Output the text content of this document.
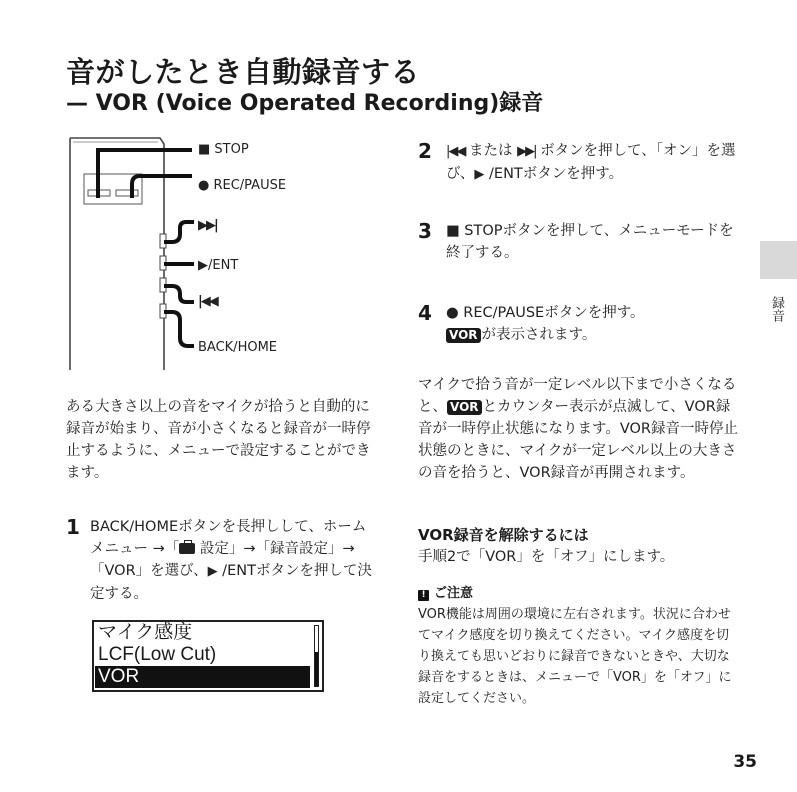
音がしたとき自動録音する
— VOR (Voice Operated Recording)録音
■ STOP
● REC/PAUSE
▶▶|
▶/ENT
|◀◀
BACK/HOME
ある大きさ以上の音をマイクが拾うと自動的に録音が始まり、音が小さくなると録音が一時停止するように、メニューで設定することができます。
1 BACK/HOMEボタンを長押しして、ホームメニュー →「
設定」→「録音設定」→「VOR」を選び、▶ /ENTボタンを押して決定する。
マイク感度
LCF(Low Cut)
VOR
2 |◀◀ または ▶▶| ボタンを押して、「オン」を選び、▶ /ENTボタンを押す。
3 ■ STOPボタンを押して、メニューモードを終了する。
4 ● REC/PAUSEボタンを押す。
VOR が表示されます。
マイクで拾う音が一定レベル以下まで小さくなると、 VOR とカウンター表示が点滅して、VOR録音が一時停止状態になります。VOR録音一時停止状態のときに、マイクが一定レベル以上の大きさの音を拾うと、VOR録音が再開されます。
VOR録音を解除するには
手順2で「VOR」を「オフ」にします。
! ご注意
VOR機能は周囲の環境に左右されます。状況に合わせてマイク感度を切り換えてください。マイク感度を切り換えても思いどおりに録音できないときや、大切な録音をするときは、メニューで「VOR」を「オフ」に設定してください。
録音
35
